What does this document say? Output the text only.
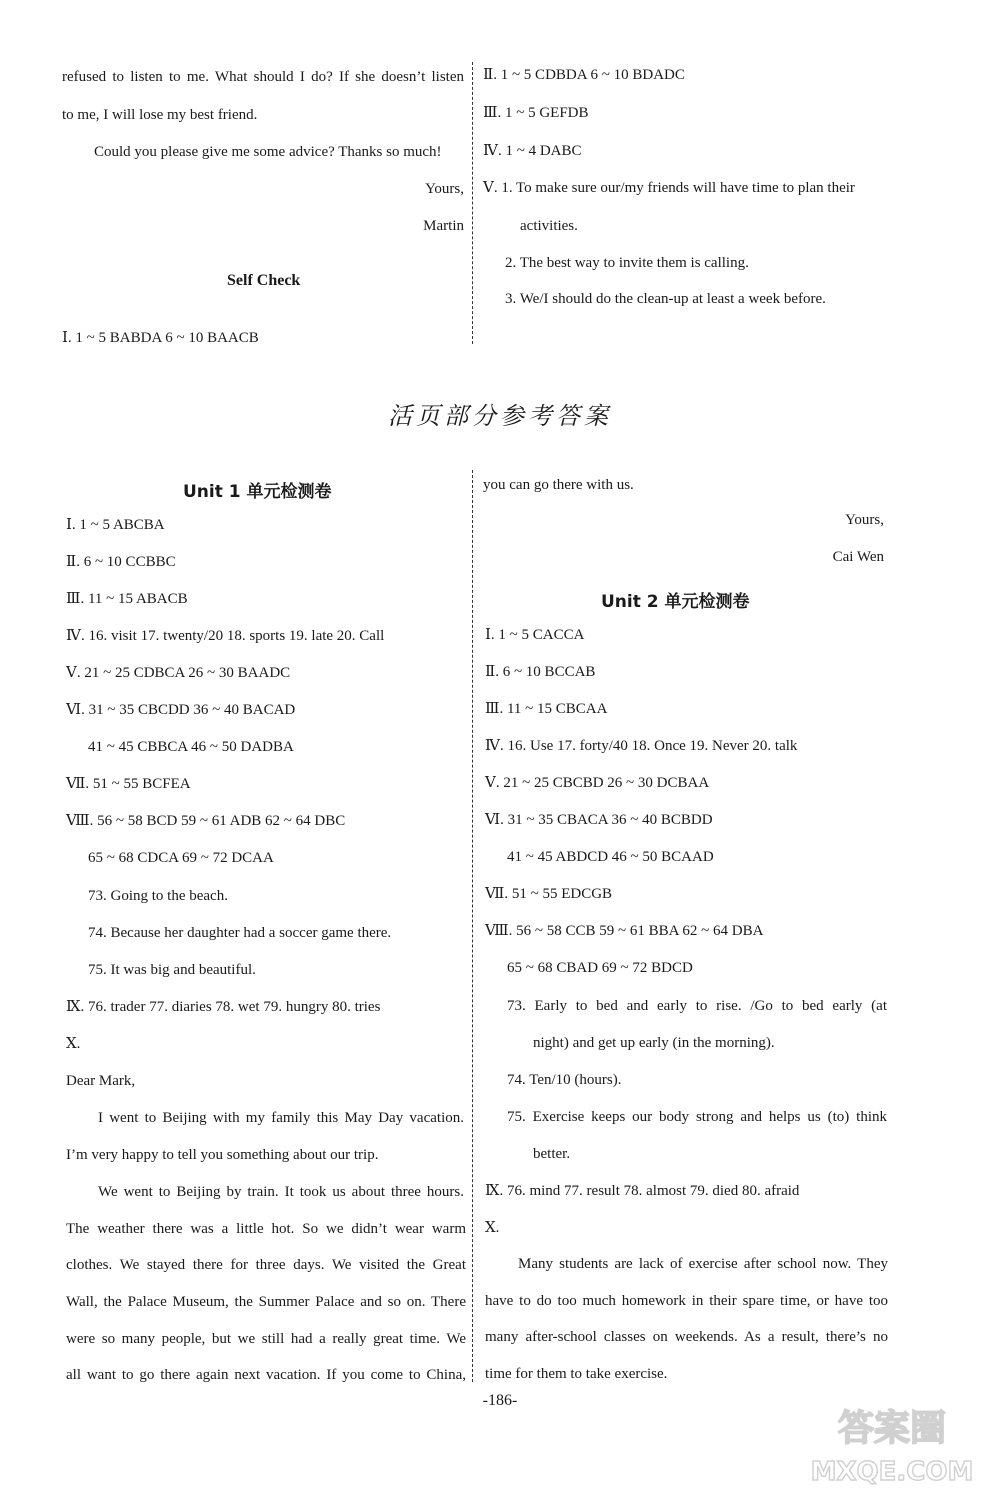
refused to listen to me. What should I do? If she doesn’t listen
to me, I will lose my best friend.
Could you please give me some advice? Thanks so much!
Yours,
Martin
Self Check
Ⅰ. 1 ~ 5 BABDA 6 ~ 10 BAACB
Ⅱ. 1 ~ 5 CDBDA 6 ~ 10 BDADC
Ⅲ. 1 ~ 5 GEFDB
Ⅳ. 1 ~ 4 DABC
Ⅴ. 1. To make sure our/my friends will have time to plan their
activities.
2. The best way to invite them is calling.
3. We/I should do the clean-up at least a week before.
活页部分参考答案
Unit 1 单元检测卷
Ⅰ. 1 ~ 5 ABCBA
Ⅱ. 6 ~ 10 CCBBC
Ⅲ. 11 ~ 15 ABACB
Ⅳ. 16. visit 17. twenty/20 18. sports 19. late 20. Call
Ⅴ. 21 ~ 25 CDBCA 26 ~ 30 BAADC
Ⅵ. 31 ~ 35 CBCDD 36 ~ 40 BACAD
41 ~ 45 CBBCA 46 ~ 50 DADBA
Ⅶ. 51 ~ 55 BCFEA
Ⅷ. 56 ~ 58 BCD 59 ~ 61 ADB 62 ~ 64 DBC
65 ~ 68 CDCA 69 ~ 72 DCAA
73. Going to the beach.
74. Because her daughter had a soccer game there.
75. It was big and beautiful.
Ⅸ. 76. trader 77. diaries 78. wet 79. hungry 80. tries
Ⅹ.
Dear Mark,
I went to Beijing with my family this May Day vacation.
I’m very happy to tell you something about our trip.
We went to Beijing by train. It took us about three hours.
The weather there was a little hot. So we didn’t wear warm
clothes. We stayed there for three days. We visited the Great
Wall, the Palace Museum, the Summer Palace and so on. There
were so many people, but we still had a really great time. We
all want to go there again next vacation. If you come to China,
you can go there with us.
Yours,
Cai Wen
Unit 2 单元检测卷
Ⅰ. 1 ~ 5 CACCA
Ⅱ. 6 ~ 10 BCCAB
Ⅲ. 11 ~ 15 CBCAA
Ⅳ. 16. Use 17. forty/40 18. Once 19. Never 20. talk
Ⅴ. 21 ~ 25 CBCBD 26 ~ 30 DCBAA
Ⅵ. 31 ~ 35 CBACA 36 ~ 40 BCBDD
41 ~ 45 ABDCD 46 ~ 50 BCAAD
Ⅶ. 51 ~ 55 EDCGB
Ⅷ. 56 ~ 58 CCB 59 ~ 61 BBA 62 ~ 64 DBA
65 ~ 68 CBAD 69 ~ 72 BDCD
73. Early to bed and early to rise. /Go to bed early (at
night) and get up early (in the morning).
74. Ten/10 (hours).
75. Exercise keeps our body strong and helps us (to) think
better.
Ⅸ. 76. mind 77. result 78. almost 79. died 80. afraid
Ⅹ.
Many students are lack of exercise after school now. They
have to do too much homework in their spare time, or have too
many after-school classes on weekends. As a result, there’s no
time for them to take exercise.
-186-
答案圈
MXQE.COM
